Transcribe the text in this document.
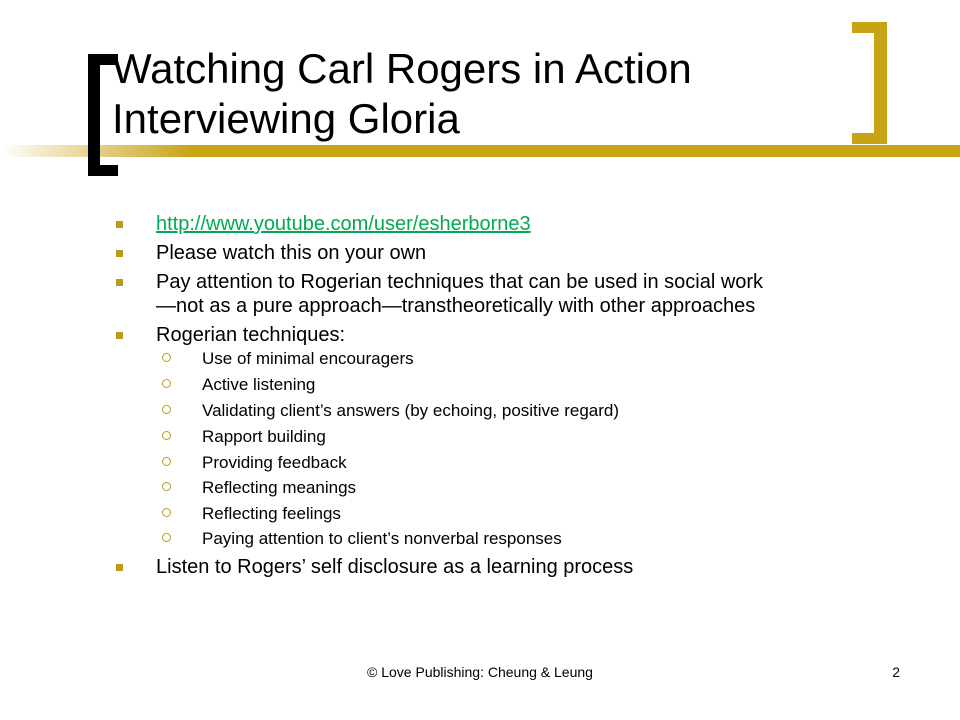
Watching Carl Rogers in Action
Interviewing Gloria

http://www.youtube.com/user/esherborne3

Please watch this on your own

Pay attention to Rogerian techniques that can be used in social work
—not as a pure approach—transtheoretically with other approaches

Rogerian techniques:

Use of minimal encouragers

Active listening

Validating client’s answers (by echoing, positive regard)

Rapport building

Providing feedback

Reflecting meanings

Reflecting feelings

Paying attention to client’s nonverbal responses

Listen to Rogers’ self disclosure as a learning process

© Love Publishing: Cheung & Leung	2
